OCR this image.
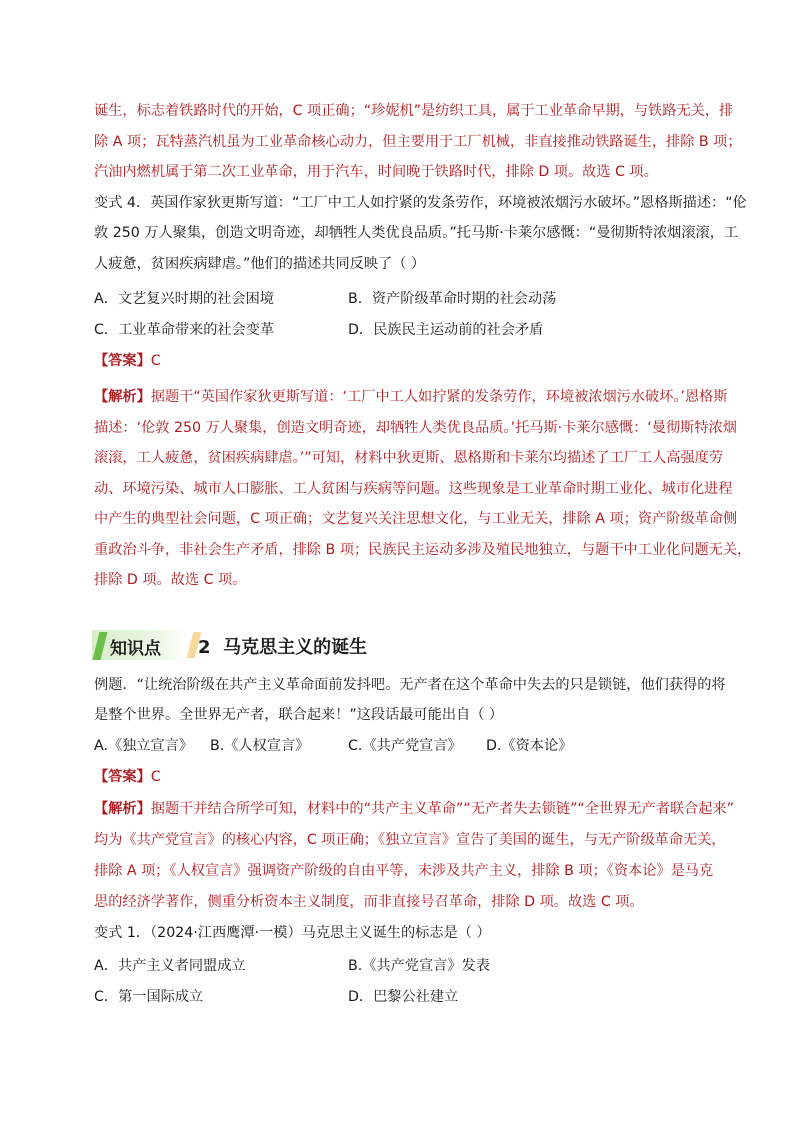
诞生，标志着铁路时代的开始，C 项正确；“珍妮机”是纺织工具，属于工业革命早期，与铁路无关，排
除 A 项；瓦特蒸汽机虽为工业革命核心动力，但主要用于工厂机械，非直接推动铁路诞生，排除 B 项；
汽油内燃机属于第二次工业革命，用于汽车，时间晚于铁路时代，排除 D 项。故选 C 项。
变式 4．英国作家狄更斯写道：“工厂中工人如拧紧的发条劳作，环境被浓烟污水破坏。”恩格斯描述：“伦
敦 250 万人聚集，创造文明奇迹，却牺牲人类优良品质。”托马斯·卡莱尔感慨：“曼彻斯特浓烟滚滚，工
人疲惫，贫困疾病肆虐。”他们的描述共同反映了（ ）
A．文艺复兴时期的社会困境	B．资产阶级革命时期的社会动荡
C．工业革命带来的社会变革	D．民族民主运动前的社会矛盾
【答案】C
【解析】据题干“英国作家狄更斯写道：‘工厂中工人如拧紧的发条劳作，环境被浓烟污水破坏。’恩格斯
描述：‘伦敦 250 万人聚集，创造文明奇迹，却牺牲人类优良品质。’托马斯·卡莱尔感慨：‘曼彻斯特浓烟
滚滚，工人疲惫，贫困疾病肆虐。’”可知，材料中狄更斯、恩格斯和卡莱尔均描述了工厂工人高强度劳
动、环境污染、城市人口膨胀、工人贫困与疾病等问题。这些现象是工业革命时期工业化、城市化进程
中产生的典型社会问题，C 项正确；文艺复兴关注思想文化，与工业无关，排除 A 项；资产阶级革命侧
重政治斗争，非社会生产矛盾，排除 B 项；民族民主运动多涉及殖民地独立，与题干中工业化问题无关，
排除 D 项。故选 C 项。
知识点 2 马克思主义的诞生
例题．“让统治阶级在共产主义革命面前发抖吧。无产者在这个革命中失去的只是锁链，他们获得的将
是整个世界。全世界无产者，联合起来！”这段话最可能出自（ ）
A.《独立宣言》 B.《人权宣言》	C.《共产党宣言》 D.《资本论》
【答案】C
【解析】据题干并结合所学可知，材料中的“共产主义革命”“无产者失去锁链”“全世界无产者联合起来”
均为《共产党宣言》的核心内容，C 项正确；《独立宣言》宣告了美国的诞生，与无产阶级革命无关，
排除 A 项；《人权宣言》强调资产阶级的自由平等，未涉及共产主义，排除 B 项；《资本论》是马克
思的经济学著作，侧重分析资本主义制度，而非直接号召革命，排除 D 项。故选 C 项。
变式 1．（2024·江西鹰潭·一模）马克思主义诞生的标志是（ ）
A．共产主义者同盟成立	B.《共产党宣言》发表
C．第一国际成立	D．巴黎公社建立
